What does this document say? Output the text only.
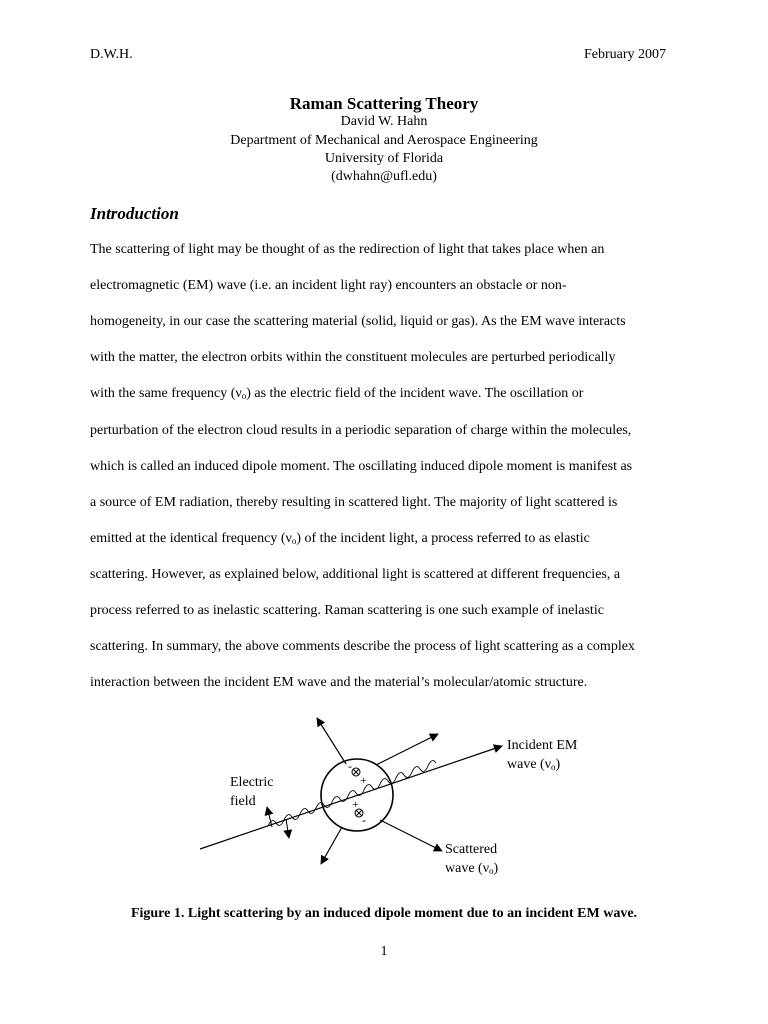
D.W.H.	February 2007
Raman Scattering Theory
David W. Hahn
Department of Mechanical and Aerospace Engineering
University of Florida
(dwhahn@ufl.edu)
Introduction
The scattering of light may be thought of as the redirection of light that takes place when an
electromagnetic (EM) wave (i.e. an incident light ray) encounters an obstacle or non-
homogeneity, in our case the scattering material (solid, liquid or gas). As the EM wave interacts
with the matter, the electron orbits within the constituent molecules are perturbed periodically
with the same frequency $(\nu_o)$ as the electric field of the incident wave. The oscillation or
perturbation of the electron cloud results in a periodic separation of charge within the molecules,
which is called an induced dipole moment. The oscillating induced dipole moment is manifest as
a source of EM radiation, thereby resulting in scattered light. The majority of light scattered is
emitted at the identical frequency $(\nu_o)$ of the incident light, a process referred to as elastic
scattering. However, as explained below, additional light is scattered at different frequencies, a
process referred to as inelastic scattering. Raman scattering is one such example of inelastic
scattering. In summary, the above comments describe the process of light scattering as a complex
interaction between the incident EM wave and the material’s molecular/atomic structure.
-
+
+
-
Electric
field
Incident EM
wave $(\nu_o)$
Scattered
wave $(\nu_o)$
Figure 1. Light scattering by an induced dipole moment due to an incident EM wave.
1
